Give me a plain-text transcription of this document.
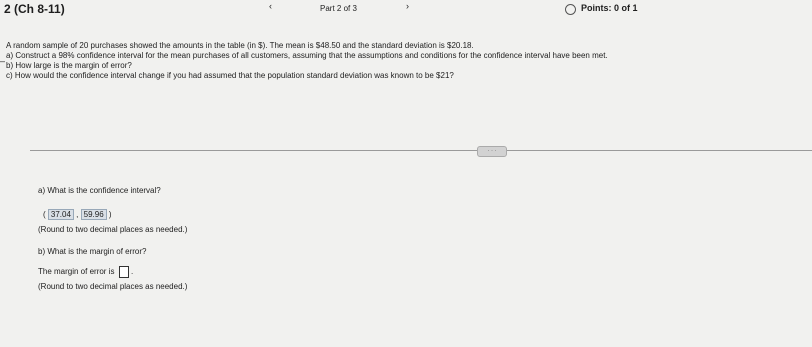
2 (Ch 8-11)	‹	Part 2 of 3	›	Points: 0 of 1
–
A random sample of 20 purchases showed the amounts in the table (in $). The mean is $48.50 and the standard deviation is $20.18.
a) Construct a 98% confidence interval for the mean purchases of all customers, assuming that the assumptions and conditions for the confidence interval have been met.
b) How large is the margin of error?
c) How would the confidence interval change if you had assumed that the population standard deviation was known to be $21?
· · ·
a) What is the confidence interval?
( 37.04 , 59.96 )
(Round to two decimal places as needed.)
b) What is the margin of error?
The margin of error is .
(Round to two decimal places as needed.)
